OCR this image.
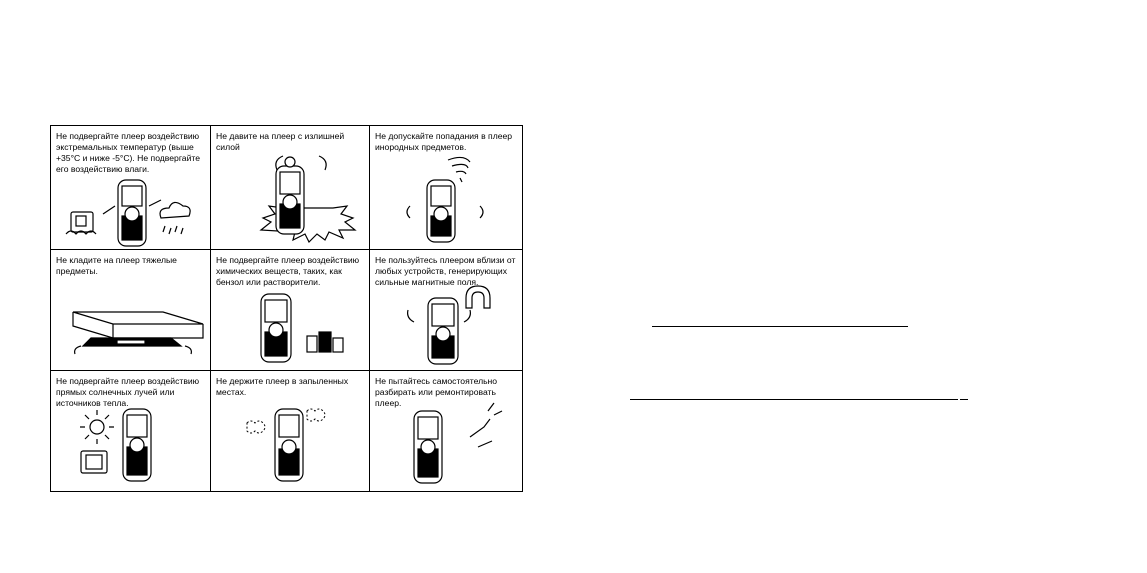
Не подвергайте плеер воздействию
экстремальных температур (выше
+35°С и ниже -5°С). Не подвергайте
его воздействию влаги.
Не давите на плеер с излишней
силой
Не допускайте попадания в плеер
инородных предметов.
Не кладите на плеер тяжелые
предметы.
Не подвергайте плеер воздействию
химических веществ, таких, как
бензол или растворители.
Не пользуйтесь плеером вблизи от
любых устройств, генерирующих
сильные магнитные поля.
Не подвергайте плеер воздействию
прямых солнечных лучей или
источников тепла.
Не держите плеер в запыленных
местах.
Не пытайтесь самостоятельно
разбирать или ремонтировать
плеер.
